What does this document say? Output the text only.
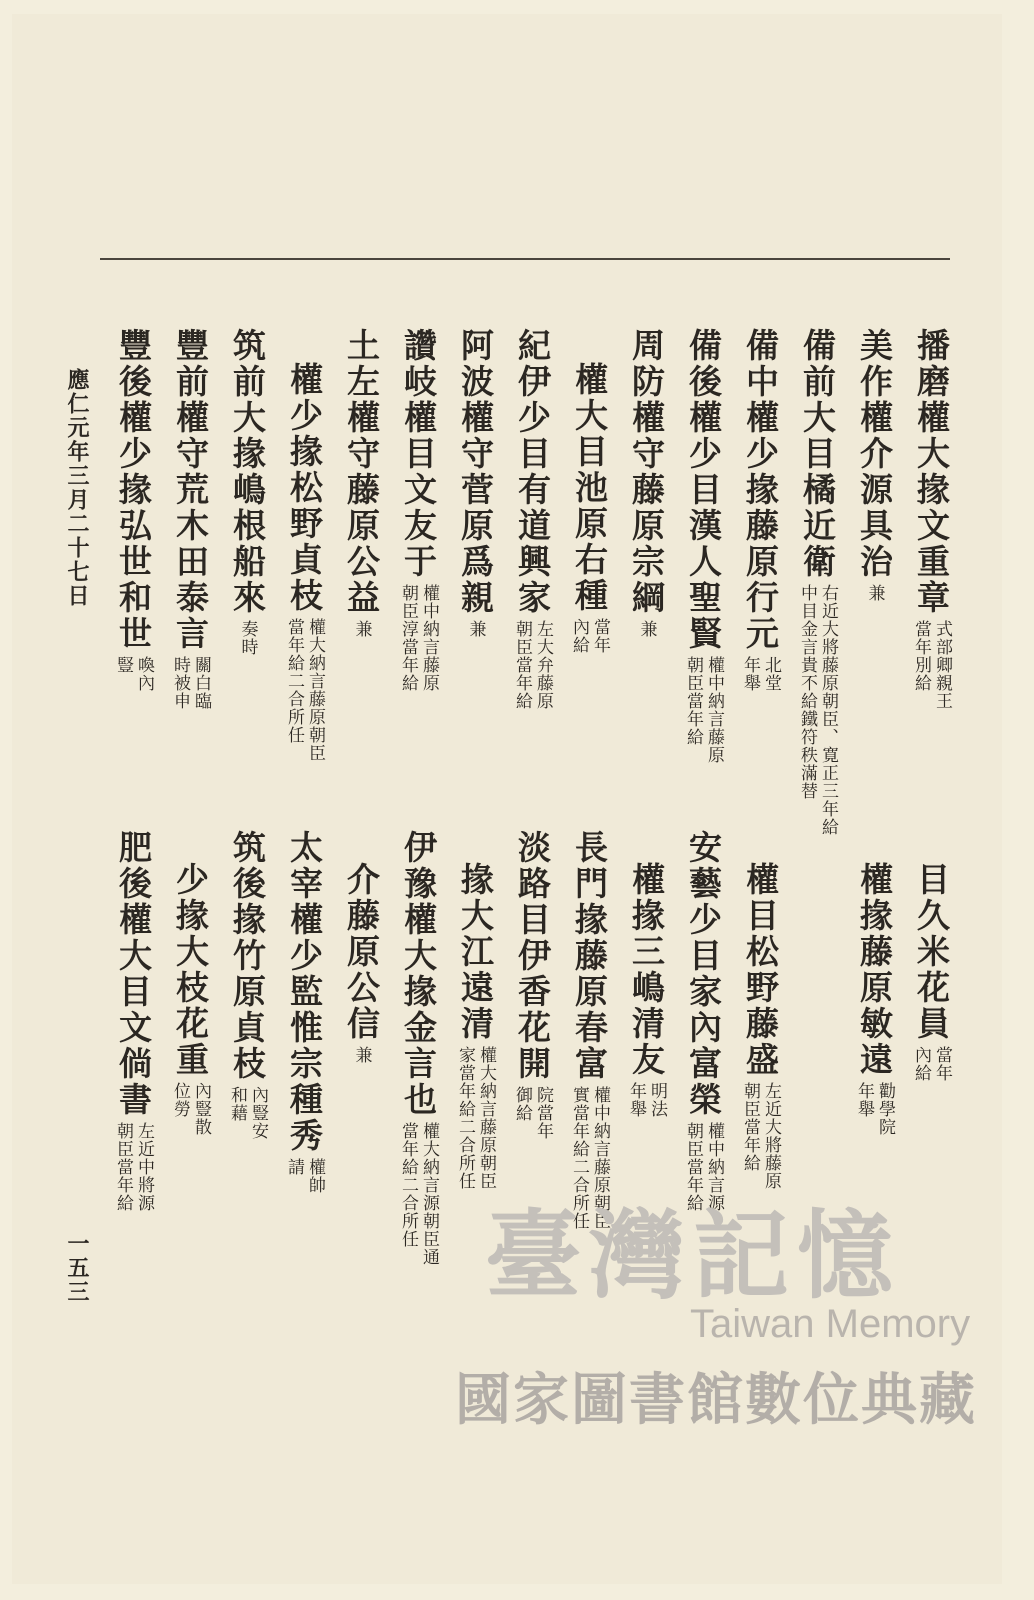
播磨權大掾文重章
式部卿親王
當年別給
美作權介源具治
兼
備前大目橘近衛
右近大將藤原朝臣、寛正三年給
中目金言貴不給鐵符秩滿替
備中權少掾藤原行元
北堂
年舉
備後權少目漢人聖賢
權中納言藤原
朝臣當年給
周防權守藤原宗綱
兼
權大目池原右種
當年
內給
紀伊少目有道興家
左大弁藤原
朝臣當年給
阿波權守菅原爲親
兼
讚岐權目文友于
權中納言藤原
朝臣淳當年給
土左權守藤原公益
兼
權少掾松野貞枝
權大納言藤原朝臣
當年給二合所任
筑前大掾嶋根船來
奏時
豐前權守荒木田泰言
關白臨
時被申
豐後權少掾弘世和世
喚內
豎
目久米花員
當年
內給
權掾藤原敏遠
勸學院
年舉
權目松野藤盛
左近大將藤原
朝臣當年給
安藝少目家內富榮
權中納言源
朝臣當年給
權掾三嶋清友
明法
年舉
長門掾藤原春富
權中納言藤原朝臣
實當年給二合所任
淡路目伊香花開
院當年
御給
掾大江遠清
權大納言藤原朝臣
家當年給二合所任
伊豫權大掾金言也
權大納言源朝臣通
當年給二合所任
介藤原公信
兼
太宰權少監惟宗種秀
權帥
請
筑後掾竹原貞枝
內豎安
和藉
少掾大枝花重
內豎散
位勞
肥後權大目文倘書
左近中將源
朝臣當年給
應仁元年三月二十七日
一五三	臺灣記憶
Taiwan Memory
國家圖書館數位典藏
